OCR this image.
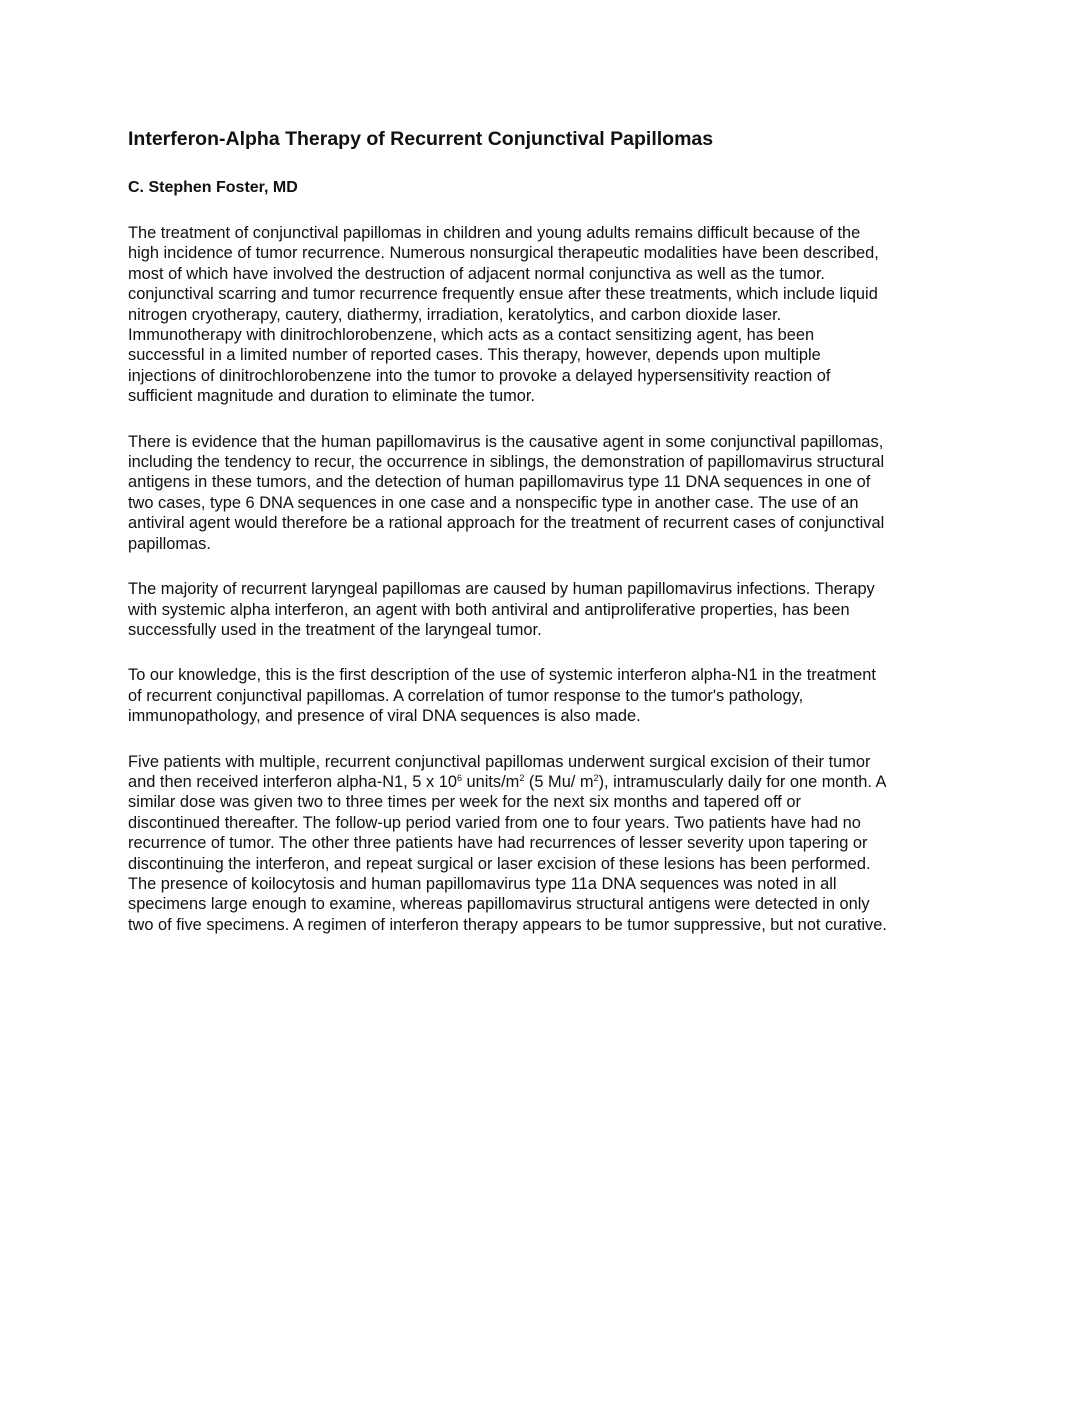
Interferon-Alpha Therapy of Recurrent Conjunctival Papillomas
C. Stephen Foster, MD

The treatment of conjunctival papillomas in children and young adults remains difficult because of the
high incidence of tumor recurrence. Numerous nonsurgical therapeutic modalities have been described,
most of which have involved the destruction of adjacent normal conjunctiva as well as the tumor.
conjunctival scarring and tumor recurrence frequently ensue after these treatments, which include liquid
nitrogen cryotherapy, cautery, diathermy, irradiation, keratolytics, and carbon dioxide laser.
Immunotherapy with dinitrochlorobenzene, which acts as a contact sensitizing agent, has been
successful in a limited number of reported cases. This therapy, however, depends upon multiple
injections of dinitrochlorobenzene into the tumor to provoke a delayed hypersensitivity reaction of
sufficient magnitude and duration to eliminate the tumor.

There is evidence that the human papillomavirus is the causative agent in some conjunctival papillomas,
including the tendency to recur, the occurrence in siblings, the demonstration of papillomavirus structural
antigens in these tumors, and the detection of human papillomavirus type 11 DNA sequences in one of
two cases, type 6 DNA sequences in one case and a nonspecific type in another case. The use of an
antiviral agent would therefore be a rational approach for the treatment of recurrent cases of conjunctival
papillomas.

The majority of recurrent laryngeal papillomas are caused by human papillomavirus infections. Therapy
with systemic alpha interferon, an agent with both antiviral and antiproliferative properties, has been
successfully used in the treatment of the laryngeal tumor.

To our knowledge, this is the first description of the use of systemic interferon alpha-N1 in the treatment
of recurrent conjunctival papillomas. A correlation of tumor response to the tumor's pathology,
immunopathology, and presence of viral DNA sequences is also made.

Five patients with multiple, recurrent conjunctival papillomas underwent surgical excision of their tumor
and then received interferon alpha-N1, 5 x $10^6$ units/$m^2$ (5 Mu/ $m^2$), intramuscularly daily for one month. A
similar dose was given two to three times per week for the next six months and tapered off or
discontinued thereafter. The follow-up period varied from one to four years. Two patients have had no
recurrence of tumor. The other three patients have had recurrences of lesser severity upon tapering or
discontinuing the interferon, and repeat surgical or laser excision of these lesions has been performed.
The presence of koilocytosis and human papillomavirus type 11a DNA sequences was noted in all
specimens large enough to examine, whereas papillomavirus structural antigens were detected in only
two of five specimens. A regimen of interferon therapy appears to be tumor suppressive, but not curative.
